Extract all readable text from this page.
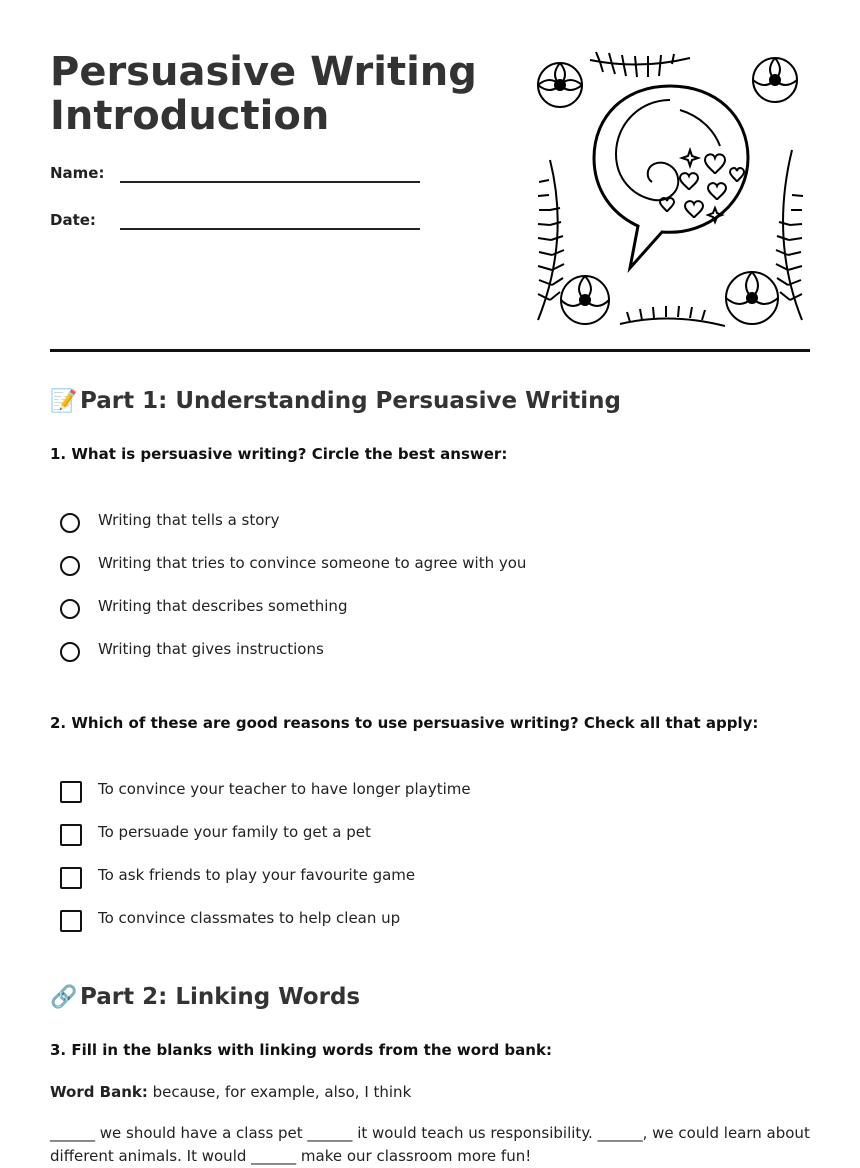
Persuasive Writing
Introduction
Name:
Date:
📝 Part 1: Understanding Persuasive Writing
1. What is persuasive writing? Circle the best answer:
Writing that tells a story
Writing that tries to convince someone to agree with you
Writing that describes something
Writing that gives instructions
2. Which of these are good reasons to use persuasive writing? Check all that apply:
To convince your teacher to have longer playtime
To persuade your family to get a pet
To ask friends to play your favourite game
To convince classmates to help clean up
🔗 Part 2: Linking Words
3. Fill in the blanks with linking words from the word bank:
Word Bank: because, for example, also, I think
______ we should have a class pet ______ it would teach us responsibility. ______, we could learn about
different animals. It would ______ make our classroom more fun!
